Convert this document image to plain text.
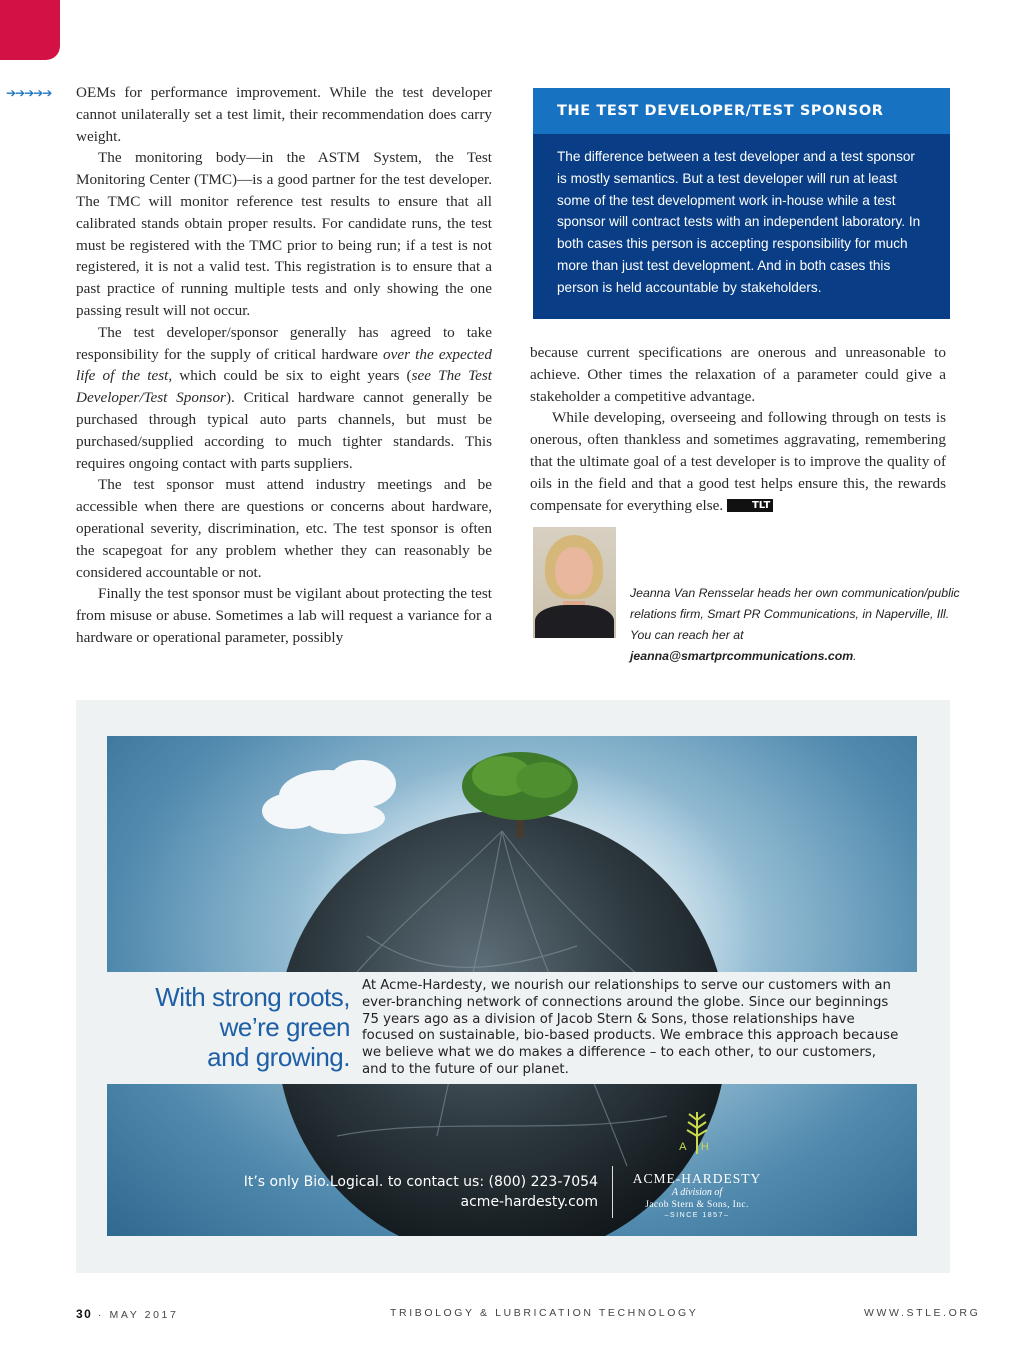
➔➔➔➔➔ OEMs for performance improvement. While the test developer cannot unilaterally set a test limit, their recommendation does carry weight.

The monitoring body—in the ASTM System, the Test Monitoring Center (TMC)—is a good partner for the test developer. The TMC will monitor reference test results to ensure that all calibrated stands obtain proper results. For candidate runs, the test must be registered with the TMC prior to being run; if a test is not registered, it is not a valid test. This registration is to ensure that a past practice of running multiple tests and only showing the one passing result will not occur.

The test developer/sponsor generally has agreed to take responsibility for the supply of critical hardware over the expected life of the test, which could be six to eight years (see The Test Developer/Test Sponsor). Critical hardware cannot generally be purchased through typical auto parts channels, but must be purchased/supplied according to much tighter standards. This requires ongoing contact with parts suppliers.

The test sponsor must attend industry meetings and be accessible when there are questions or concerns about hardware, operational severity, discrimination, etc. The test sponsor is often the scapegoat for any problem whether they can reasonably be considered accountable or not.

Finally the test sponsor must be vigilant about protecting the test from misuse or abuse. Sometimes a lab will request a variance for a hardware or operational parameter, possibly

THE TEST DEVELOPER/TEST SPONSOR
The difference between a test developer and a test sponsor is mostly semantics. But a test developer will run at least some of the test development work in-house while a test sponsor will contract tests with an independent laboratory. In both cases this person is accepting responsibility for much more than just test development. And in both cases this person is held accountable by stakeholders.

because current specifications are onerous and unreasonable to achieve. Other times the relaxation of a parameter could give a stakeholder a competitive advantage.

While developing, overseeing and following through on tests is onerous, often thankless and sometimes aggravating, remembering that the ultimate goal of a test developer is to improve the quality of oils in the field and that a good test helps ensure this, the rewards compensate for everything else.	TLT

Jeanna Van Rensselar heads her own communication/public relations firm, Smart PR Communications, in Naperville, Ill. You can reach her at jeanna@smartprcommunications.com.
With strong roots,
we’re green
and growing.
At Acme-Hardesty, we nourish our relationships to serve our customers with an ever-branching network of connections around the globe. Since our beginnings 75 years ago as a division of Jacob Stern & Sons, those relationships have focused on sustainable, bio-based products. We embrace this approach because we believe what we do makes a difference – to each other, to our customers, and to the future of our planet.
It’s only Bio.Logical. to contact us: (800) 223-7054
acme-hardesty.com
A H
ACME-HARDESTY
A division of
Jacob Stern & Sons, Inc.
–SINCE 1857–
30 · MAY 2017	TRIBOLOGY & LUBRICATION TECHNOLOGY	WWW.STLE.ORG
